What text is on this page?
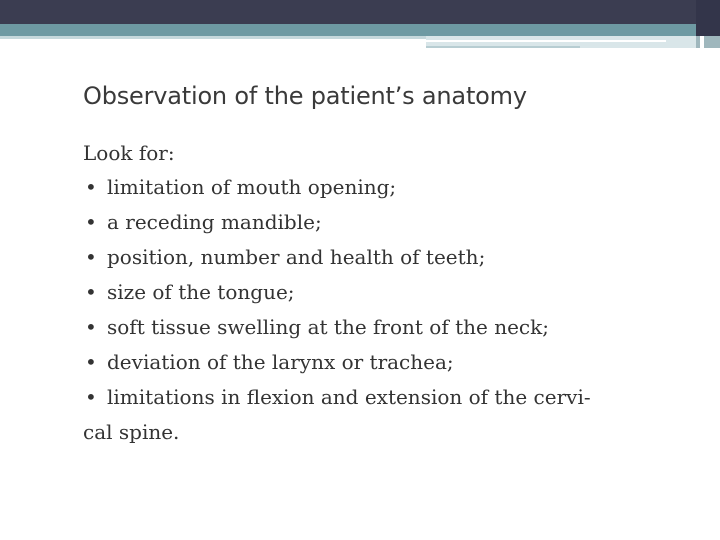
Observation of the patient’s anatomy
Look for:
• limitation of mouth opening;
• a receding mandible;
• position, number and health of teeth;
• size of the tongue;
• soft tissue swelling at the front of the neck;
• deviation of the larynx or trachea;
• limitations in flexion and extension of the cervi-
cal spine.
